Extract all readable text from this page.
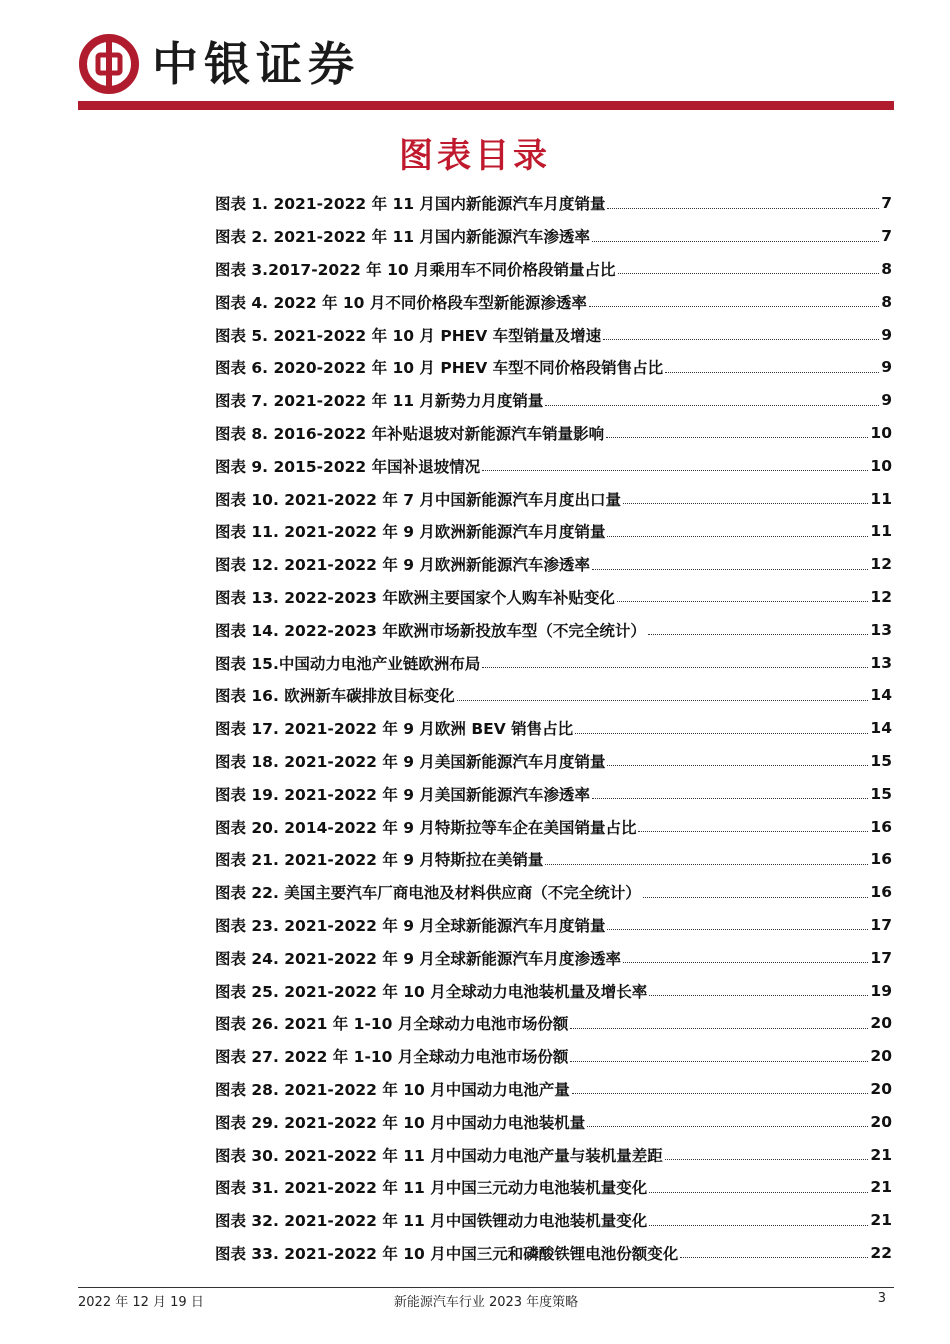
中银证券
图表目录
图表 1. 2021-2022 年 11 月国内新能源汽车月度销量	7
图表 2. 2021-2022 年 11 月国内新能源汽车渗透率	7
图表 3.2017-2022 年 10 月乘用车不同价格段销量占比	8
图表 4. 2022 年 10 月不同价格段车型新能源渗透率	8
图表 5. 2021-2022 年 10 月 PHEV 车型销量及增速	9
图表 6. 2020-2022 年 10 月 PHEV 车型不同价格段销售占比	9
图表 7. 2021-2022 年 11 月新势力月度销量	9
图表 8. 2016-2022 年补贴退坡对新能源汽车销量影响	10
图表 9. 2015-2022 年国补退坡情况	10
图表 10. 2021-2022 年 7 月中国新能源汽车月度出口量	11
图表 11. 2021-2022 年 9 月欧洲新能源汽车月度销量	11
图表 12. 2021-2022 年 9 月欧洲新能源汽车渗透率	12
图表 13. 2022-2023 年欧洲主要国家个人购车补贴变化	12
图表 14. 2022-2023 年欧洲市场新投放车型（不完全统计）	13
图表 15.中国动力电池产业链欧洲布局	13
图表 16. 欧洲新车碳排放目标变化	14
图表 17. 2021-2022 年 9 月欧洲 BEV 销售占比	14
图表 18. 2021-2022 年 9 月美国新能源汽车月度销量	15
图表 19. 2021-2022 年 9 月美国新能源汽车渗透率	15
图表 20. 2014-2022 年 9 月特斯拉等车企在美国销量占比	16
图表 21. 2021-2022 年 9 月特斯拉在美销量	16
图表 22. 美国主要汽车厂商电池及材料供应商（不完全统计）	16
图表 23. 2021-2022 年 9 月全球新能源汽车月度销量	17
图表 24. 2021-2022 年 9 月全球新能源汽车月度渗透率	17
图表 25. 2021-2022 年 10 月全球动力电池装机量及增长率	19
图表 26. 2021 年 1-10 月全球动力电池市场份额	20
图表 27. 2022 年 1-10 月全球动力电池市场份额	20
图表 28. 2021-2022 年 10 月中国动力电池产量	20
图表 29. 2021-2022 年 10 月中国动力电池装机量	20
图表 30. 2021-2022 年 11 月中国动力电池产量与装机量差距	21
图表 31. 2021-2022 年 11 月中国三元动力电池装机量变化	21
图表 32. 2021-2022 年 11 月中国铁锂动力电池装机量变化	21
图表 33. 2021-2022 年 10 月中国三元和磷酸铁锂电池份额变化	22
2022 年 12 月 19 日	新能源汽车行业 2023 年度策略	3
